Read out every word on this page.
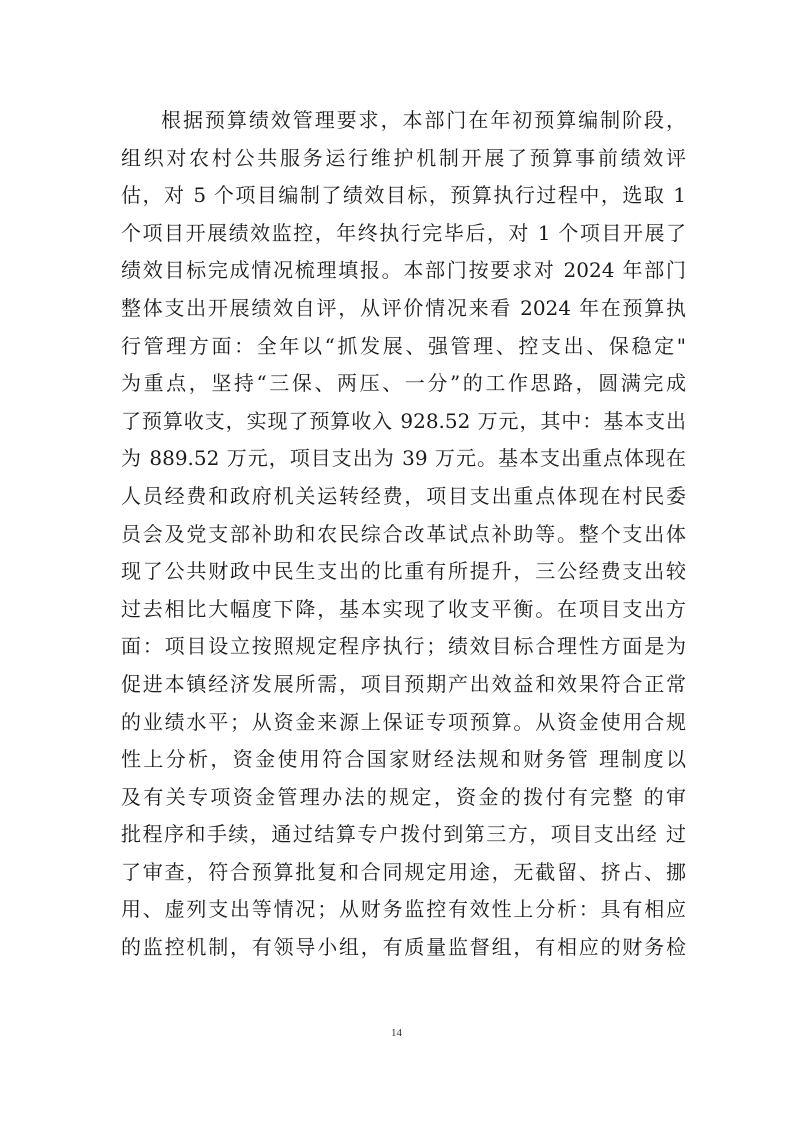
根据预算绩效管理要求，本部门在年初预算编制阶段，
组织对农村公共服务运行维护机制开展了预算事前绩效评
估，对 5 个项目编制了绩效目标，预算执行过程中，选取 1
个项目开展绩效监控，年终执行完毕后，对 1 个项目开展了
绩效目标完成情况梳理填报。本部门按要求对 2024 年部门
整体支出开展绩效自评，从评价情况来看 2024 年在预算执
行管理方面：全年以“抓发展、强管理、控支出、保稳定"
为重点，坚持“三保、两压、一分”的工作思路，圆满完成
了预算收支，实现了预算收入 928.52 万元，其中：基本支出
为 889.52 万元，项目支出为 39 万元。基本支出重点体现在
人员经费和政府机关运转经费，项目支出重点体现在村民委
员会及党支部补助和农民综合改革试点补助等。整个支出体
现了公共财政中民生支出的比重有所提升，三公经费支出较
过去相比大幅度下降，基本实现了收支平衡。在项目支出方
面：项目设立按照规定程序执行；绩效目标合理性方面是为
促进本镇经济发展所需，项目预期产出效益和效果符合正常
的业绩水平；从资金来源上保证专项预算。从资金使用合规
性上分析，资金使用符合国家财经法规和财务管 理制度以
及有关专项资金管理办法的规定，资金的拨付有完整 的审
批程序和手续，通过结算专户拨付到第三方，项目支出经 过
了审查，符合预算批复和合同规定用途，无截留、挤占、挪
用、虚列支出等情况；从财务监控有效性上分析：具有相应
的监控机制，有领导小组，有质量监督组，有相应的财务检

14
